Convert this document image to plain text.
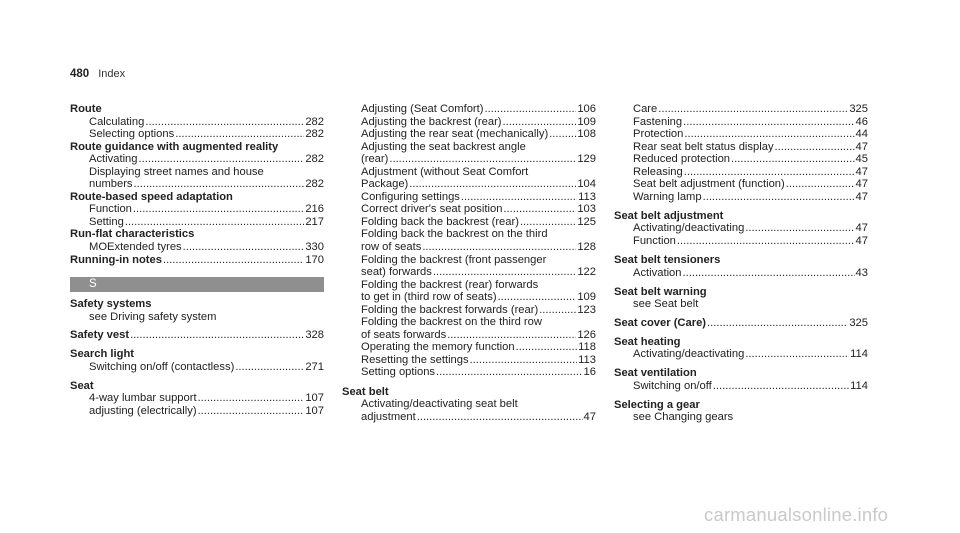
480 Index
Route
Calculating .....	282
Selecting options .....	282
Route guidance with augmented reality
Activating .....	282
Displaying street names and house
numbers .....	282
Route-based speed adaptation
Function .....	216
Setting .....	217
Run-flat characteristics
MOExtended tyres .....	330
Running-in notes .....	170
S
Safety systems
see Driving safety system
Safety vest .....	328
Search light
Switching on/off (contactless) .....	271
Seat
4-way lumbar support .....	107
adjusting (electrically) .....	107
Adjusting (Seat Comfort) .....	106
Adjusting the backrest (rear) .....	109
Adjusting the rear seat (mechanically) .....	108
Adjusting the seat backrest angle
(rear) .....	129
Adjustment (without Seat Comfort
Package) .....	104
Configuring settings .....	113
Correct driver's seat position .....	103
Folding back the backrest (rear) .....	125
Folding back the backrest on the third
row of seats .....	128
Folding the backrest (front passenger
seat) forwards .....	122
Folding the backrest (rear) forwards
to get in (third row of seats) .....	109
Folding the backrest forwards (rear) .....	123
Folding the backrest on the third row
of seats forwards .....	126
Operating the memory function .....	118
Resetting the settings .....	113
Setting options .....	16
Seat belt
Activating/deactivating seat belt
adjustment .....	47
Care .....	325
Fastening .....	46
Protection .....	44
Rear seat belt status display .....	47
Reduced protection .....	45
Releasing .....	47
Seat belt adjustment (function) .....	47
Warning lamp .....	47
Seat belt adjustment
Activating/deactivating .....	47
Function .....	47
Seat belt tensioners
Activation .....	43
Seat belt warning
see Seat belt
Seat cover (Care) .....	325
Seat heating
Activating/deactivating .....	114
Seat ventilation
Switching on/off .....	114
Selecting a gear
see Changing gears
carmanualsonline.info
